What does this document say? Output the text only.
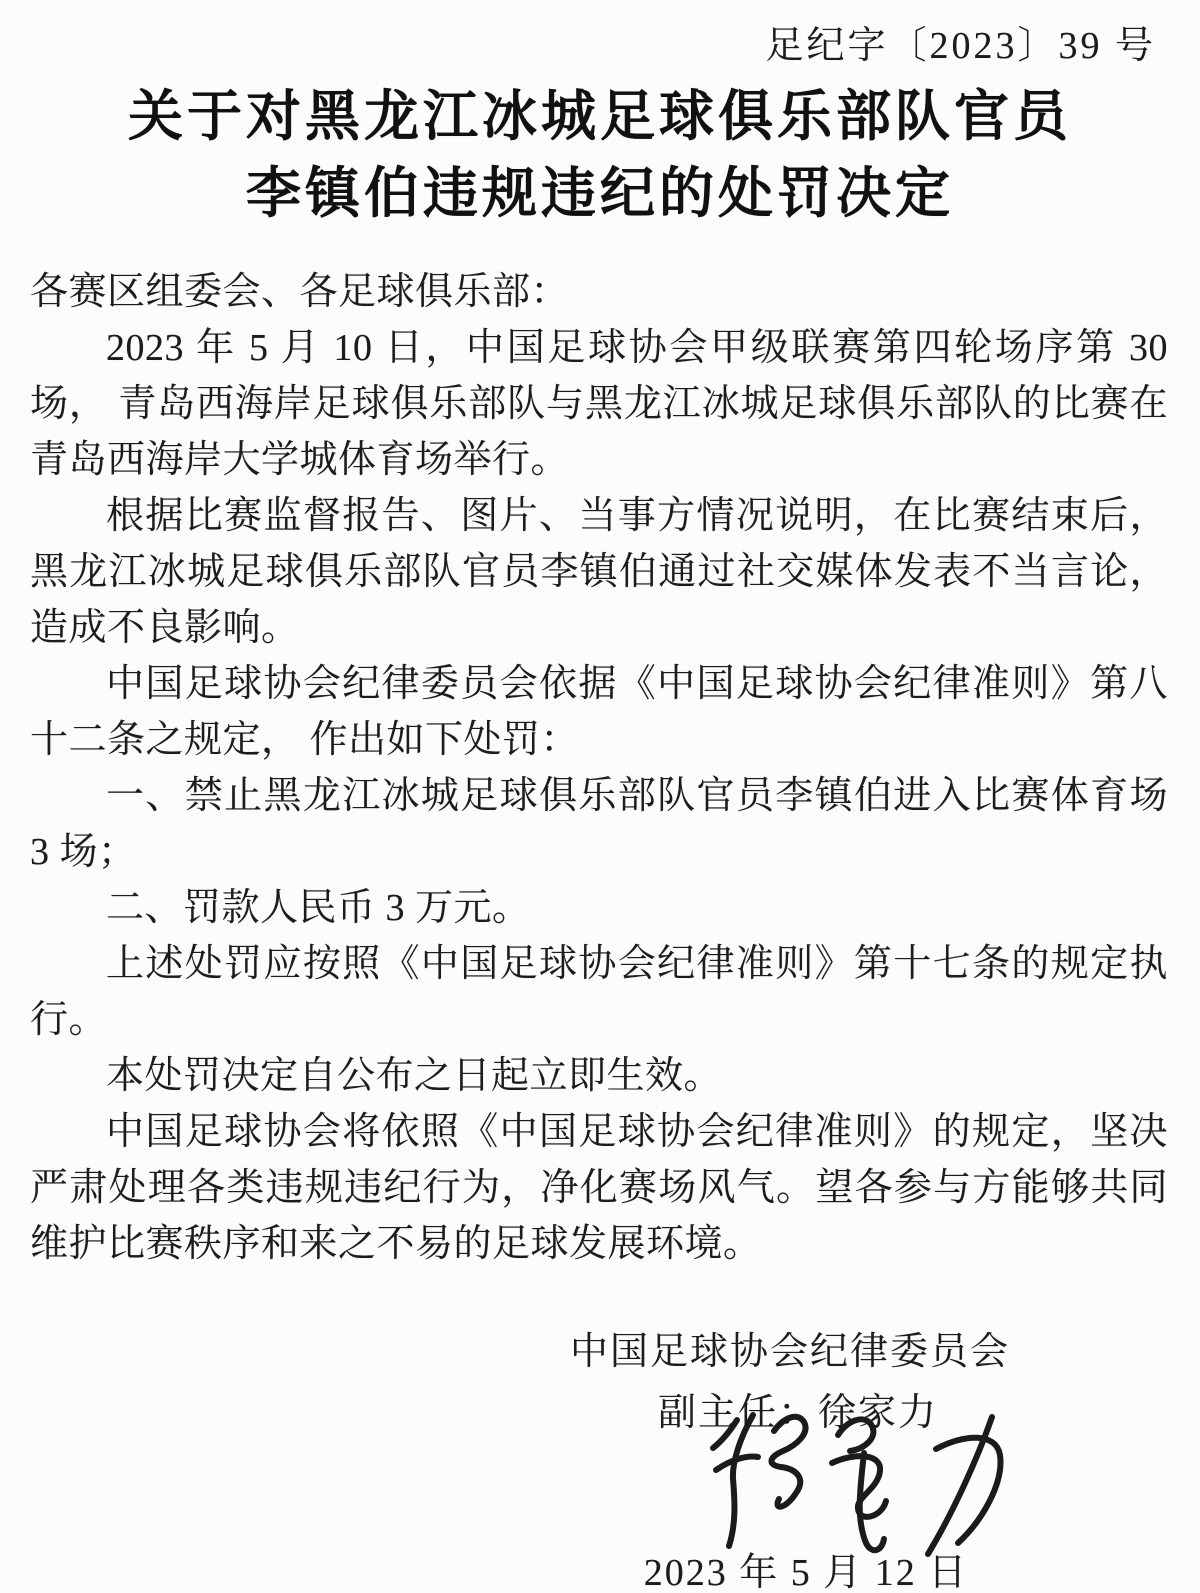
足纪字〔2023〕39 号
关于对黑龙江冰城足球俱乐部队官员
李镇伯违规违纪的处罚决定

各赛区组委会、各足球俱乐部：

2023 年 5 月 10 日，中国足球协会甲级联赛第四轮场序第 30 场， 青岛西海岸足球俱乐部队与黑龙江冰城足球俱乐部队的比赛在青岛西海岸大学城体育场举行。

根据比赛监督报告、图片、当事方情况说明，在比赛结束后，黑龙江冰城足球俱乐部队官员李镇伯通过社交媒体发表不当言论， 造成不良影响。

中国足球协会纪律委员会依据《中国足球协会纪律准则》第八十二条之规定， 作出如下处罚：

一、禁止黑龙江冰城足球俱乐部队官员李镇伯进入比赛体育场 3 场；

二、罚款人民币 3 万元。

上述处罚应按照《中国足球协会纪律准则》第十七条的规定执行。

本处罚决定自公布之日起立即生效。

中国足球协会将依照《中国足球协会纪律准则》的规定，坚决严肃处理各类违规违纪行为，净化赛场风气。望各参与方能够共同维护比赛秩序和来之不易的足球发展环境。

中国足球协会纪律委员会
副主任：徐家力
2023 年 5 月 12 日
